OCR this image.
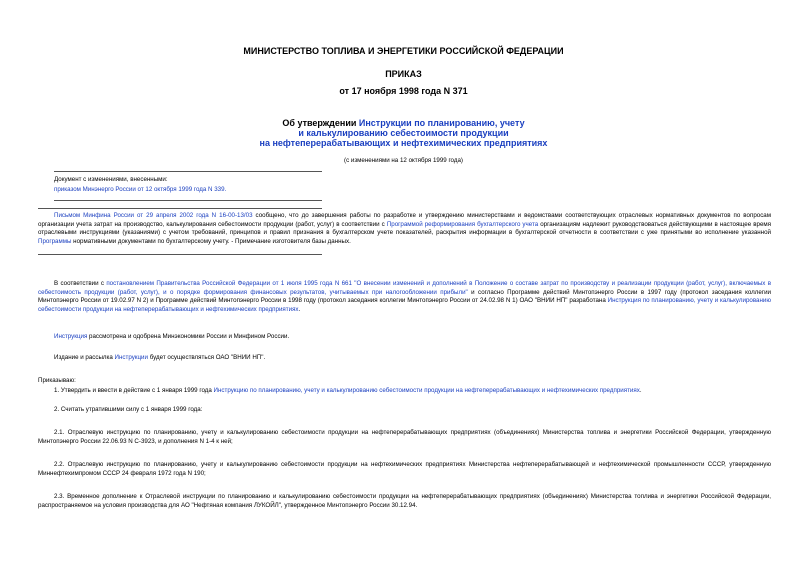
МИНИСТЕРСТВО ТОПЛИВА И ЭНЕРГЕТИКИ РОССИЙСКОЙ ФЕДЕРАЦИИ
ПРИКАЗ
от 17 ноября 1998 года N 371
Об утверждении Инструкции по планированию, учету
и калькулированию себестоимости продукции
на нефтеперерабатывающих и нефтехимических предприятиях
(с изменениями на 12 октября 1999 года)
Документ с изменениями, внесенными:
приказом Минэнерго России от 12 октября 1999 года N 339.
Письмом Минфина России от 29 апреля 2002 года N 16-00-13/03 сообщено, что до завершения работы по разработке и утверждению министерствами и ведомствами соответствующих отраслевых нормативных документов по вопросам организации учета затрат на производство, калькулирования себестоимости продукции (работ, услуг) в соответствии с Программой реформирования бухгалтерского учета организациям надлежит руководствоваться действующими в настоящее время отраслевыми инструкциями (указаниями) с учетом требований, принципов и правил признания в бухгалтерском учете показателей, раскрытия информации в бухгалтерской отчетности в соответствии с уже принятыми во исполнение указанной Программы нормативными документами по бухгалтерскому учету. - Примечание изготовителя базы данных.
В соответствии с постановлением Правительства Российской Федерации от 1 июля 1995 года N 661 "О внесении изменений и дополнений в Положение о составе затрат по производству и реализации продукции (работ, услуг), включаемых в себестоимость продукции (работ, услуг), и о порядке формирования финансовых результатов, учитываемых при налогообложении прибыли" и согласно Программе действий Минтопэнерго России в 1997 году (протокол заседания коллегии Минтопэнерго России от 19.02.97 N 2) и Программе действий Минтопэнерго России в 1998 году (протокол заседания коллегии Минтопэнерго России от 24.02.98 N 1) ОАО "ВНИИ НП" разработана Инструкция по планированию, учету и калькулированию себестоимости продукции на нефтеперерабатывающих и нефтехимических предприятиях.
Инструкция рассмотрена и одобрена Минэкономики России и Минфином России.
Издание и рассылка Инструкции будет осуществляться ОАО "ВНИИ НП".
Приказываю:
1. Утвердить и ввести в действие с 1 января 1999 года Инструкцию по планированию, учету и калькулированию себестоимости продукции на нефтеперерабатывающих и нефтехимических предприятиях.
2. Считать утратившими силу с 1 января 1999 года:
2.1. Отраслевую инструкцию по планированию, учету и калькулированию себестоимости продукции на нефтеперерабатывающих предприятиях (объединениях) Министерства топлива и энергетики Российской Федерации, утвержденную Минтопэнерго России 22.06.93 N С-3923, и дополнения N 1-4 к ней;
2.2. Отраслевую инструкцию по планированию, учету и калькулированию себестоимости продукции на нефтехимических предприятиях Министерства нефтеперерабатывающей и нефтехимической промышленности СССР, утвержденную Миннефтехимпромом СССР 24 февраля 1972 года N 190;
2.3. Временное дополнение к Отраслевой инструкции по планированию и калькулированию себестоимости продукции на нефтеперерабатывающих предприятиях (объединениях) Министерства топлива и энергетики Российской Федерации, распространяемое на условия производства для АО "Нефтяная компания ЛУКОЙЛ", утвержденное Минтопэнерго России 30.12.94.
